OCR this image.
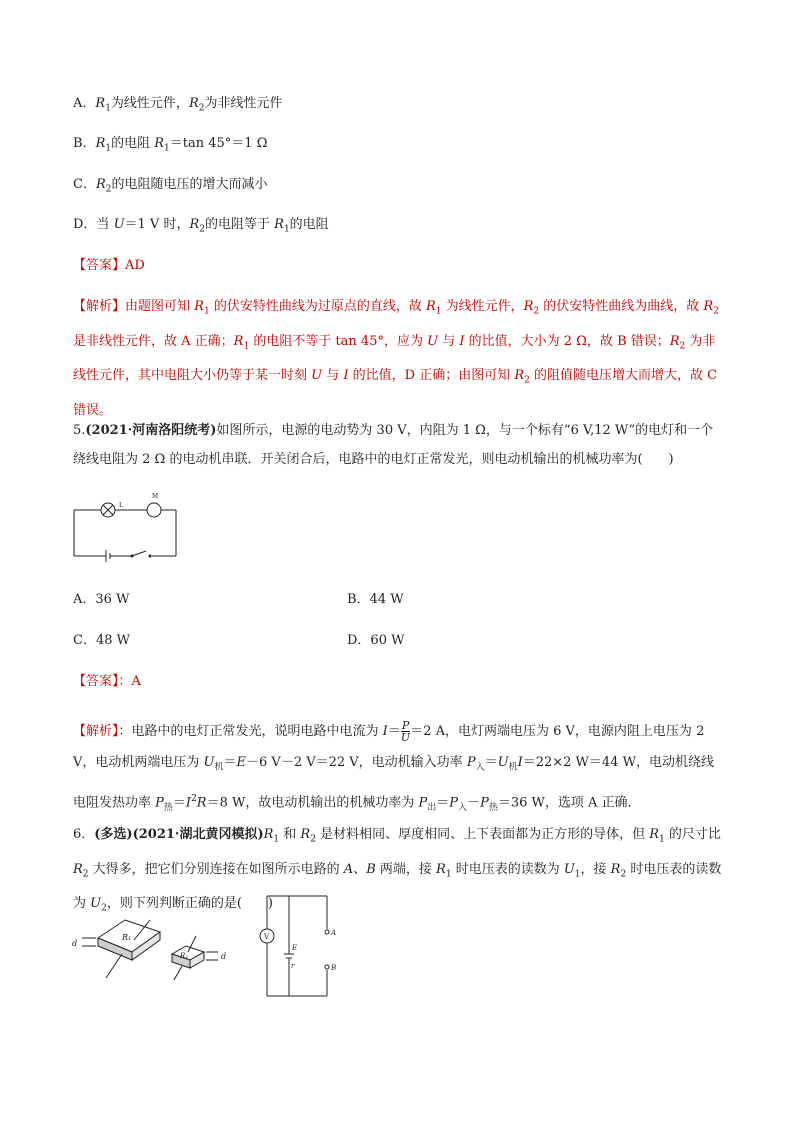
A．$R_1$为线性元件，$R_2$为非线性元件
B．$R_1$的电阻 $R_1=\tan$ 45°＝1 Ω
C．$R_2$的电阻随电压的增大而减小
D．当 U＝1 V 时，$R_2$的电阻等于 $R_1$的电阻
【答案】AD
【解析】由题图可知 $R_1$ 的伏安特性曲线为过原点的直线，故 $R_1$ 为线性元件，$R_2$ 的伏安特性曲线为曲线，故 $R_2$ 是非线性元件，故 A 正确；$R_1$ 的电阻不等于 tan 45°，应为 U 与 I 的比值，大小为 2 Ω，故 B 错误；$R_2$ 为非线性元件，其中电阻大小仍等于某一时刻 U 与 I 的比值，D 正确；由图可知 $R_2$ 的阻值随电压增大而增大，故 C 错误。
5.(2021·河南洛阳统考)如图所示，电源的电动势为 30 V，内阻为 1 Ω，与一个标有“6 V,12 W”的电灯和一个绕线电阻为 2 Ω 的电动机串联．开关闭合后，电路中的电灯正常发光，则电动机输出的机械功率为(　　)
L
M
A．36 W	B．44 W
C．48 W	D．60 W
【答案】：A
【解析】：电路中的电灯正常发光，说明电路中电流为 $I= \frac{P}{U} =2$ A，电灯两端电压为 6 V，电源内阻上电压为 2 V，电动机两端电压为 $U_机=E-6$ V－2 V＝22 V，电动机输入功率 $P_入=U_机I=22\times 2$ W＝44 W，电动机绕线电阻发热功率 $P_热=I^2R=8$ W，故电动机输出的机械功率为 $P_出=P_入-P_热=36$ W，选项 A 正确．
6．(多选)(2021·湖北黄冈模拟)$R_1$ 和 $R_2$ 是材料相同、厚度相同、上下表面都为正方形的导体，但 $R_1$ 的尺寸比 $R_2$ 大得多，把它们分别连接在如图所示电路的 A、B 两端，接 $R_1$ 时电压表的读数为 $U_1$，接 $R_2$ 时电压表的读数为 $U_2$，则下列判断正确的是(　　)
d
R₁
R₂	d
V
E
r
A
B
